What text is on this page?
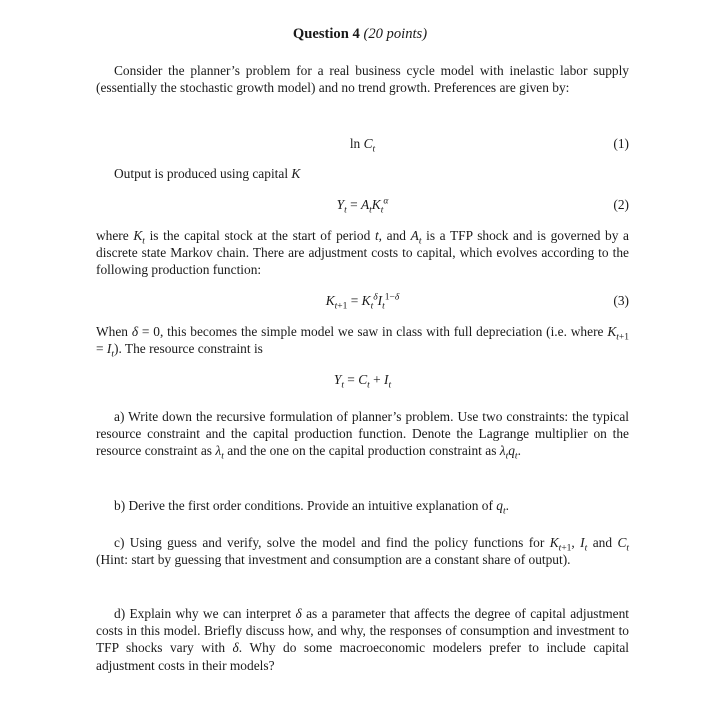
Question 4 (20 points)

Consider the planner’s problem for a real business cycle model with inelastic labor supply (essentially the stochastic growth model) and no trend growth. Preferences are given by:

$\ln C_t$	(1)
Output is produced using capital K
$Y_t = A_tK_t^\alpha$	(2)

where $K_t$ is the capital stock at the start of period t, and $A_t$ is a TFP shock and is governed by a discrete state Markov chain. There are adjustment costs to capital, which evolves according to the following production function:

$K_{t+1} = K_t^\delta I_t^{1-\delta}$	(3)

When δ = 0, this becomes the simple model we saw in class with full depreciation (i.e. where $K_{t+1} = I_t$). The resource constraint is

$Y_t = C_t + I_t$

a) Write down the recursive formulation of planner’s problem. Use two constraints: the typical resource constraint and the capital production function. Denote the Lagrange multiplier on the resource constraint as $\lambda_t$ and the one on the capital production constraint as $\lambda_tq_t$.

b) Derive the first order conditions. Provide an intuitive explanation of $q_t$.

c) Using guess and verify, solve the model and find the policy functions for $K_{t+1}$, $I_t$ and $C_t$ (Hint: start by guessing that investment and consumption are a constant share of output).

d) Explain why we can interpret δ as a parameter that affects the degree of capital adjustment costs in this model. Briefly discuss how, and why, the responses of consumption and investment to TFP shocks vary with δ. Why do some macroeconomic modelers prefer to include capital adjustment costs in their models?
